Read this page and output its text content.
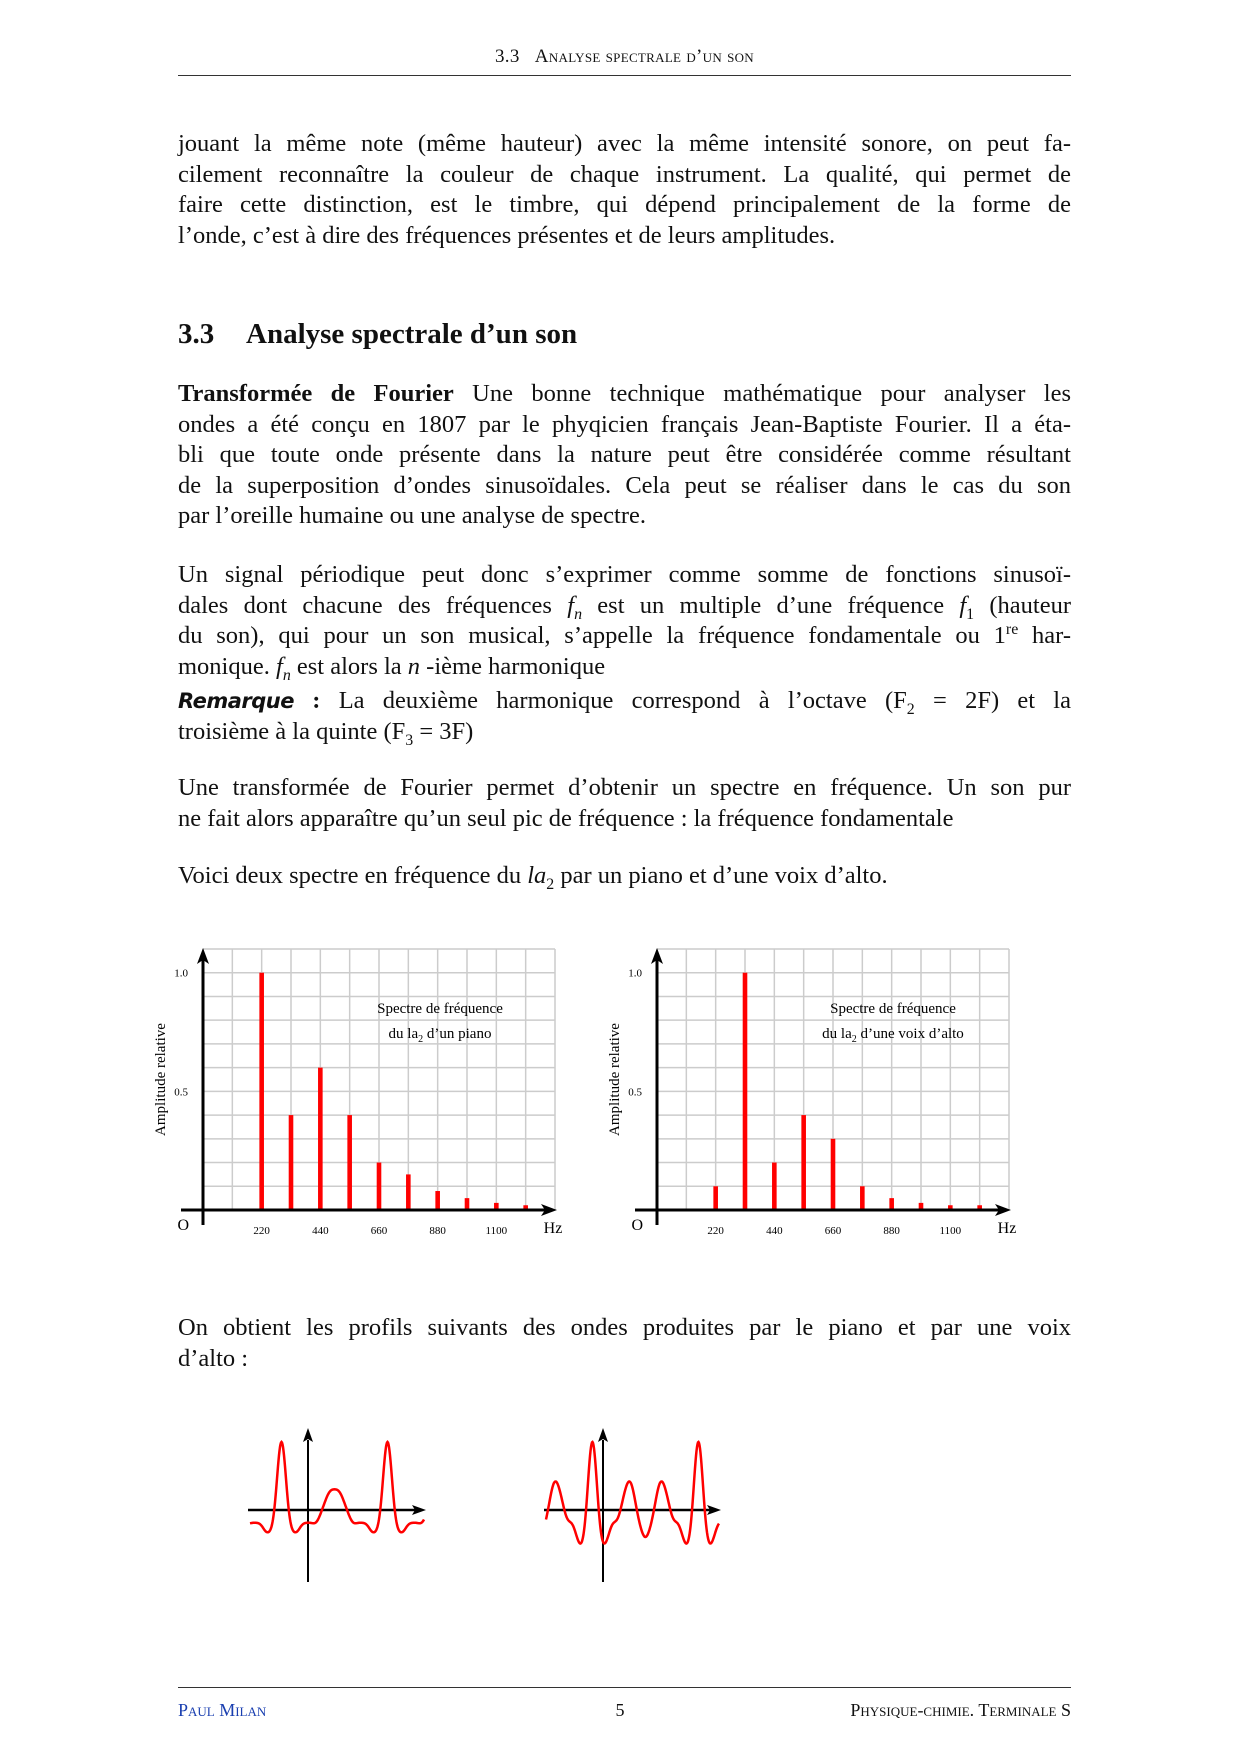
3.3 Analyse spectrale d’un son
jouant la même note (même hauteur) avec la même intensité sonore, on peut fa-
cilement reconnaître la couleur de chaque instrument. La qualité, qui permet de
faire cette distinction, est le timbre, qui dépend principalement de la forme de
l’onde, c’est à dire des fréquences présentes et de leurs amplitudes.
3.3 Analyse spectrale d’un son
Transformée de Fourier Une bonne technique mathématique pour analyser les
ondes a été conçu en 1807 par le phyqicien français Jean-Baptiste Fourier. Il a éta-
bli que toute onde présente dans la nature peut être considérée comme résultant
de la superposition d’ondes sinusoïdales. Cela peut se réaliser dans le cas du son
par l’oreille humaine ou une analyse de spectre.
Un signal périodique peut donc s’exprimer comme somme de fonctions sinusoï-
dales dont chacune des fréquences $f_n$ est un multiple d’une fréquence $f_1$ (hauteur
du son), qui pour un son musical, s’appelle la fréquence fondamentale ou 1re har-
monique. $f_n$ est alors la n -ième harmonique
Remarque : La deuxième harmonique correspond à l’octave $(F_2 = 2F)$ et la
troisième à la quinte $(F_3 = 3F)$
Une transformée de Fourier permet d’obtenir un spectre en fréquence. Un son pur
ne fait alors apparaître qu’un seul pic de fréquence : la fréquence fondamentale
Voici deux spectre en fréquence du $la_2$ par un piano et d’une voix d’alto.
220	440	660	880	1100
0.5
1.0
O	Hz
Amplitude relative
Spectre de fréquence
du $la_2$ d’un piano
220	440	660	880	1100
0.5
1.0
O	Hz
Amplitude relative
Spectre de fréquence
du $la_2$ d’une voix d’alto
On obtient les profils suivants des ondes produites par le piano et par une voix
d’alto :
Paul Milan	5	Physique-chimie. Terminale S
